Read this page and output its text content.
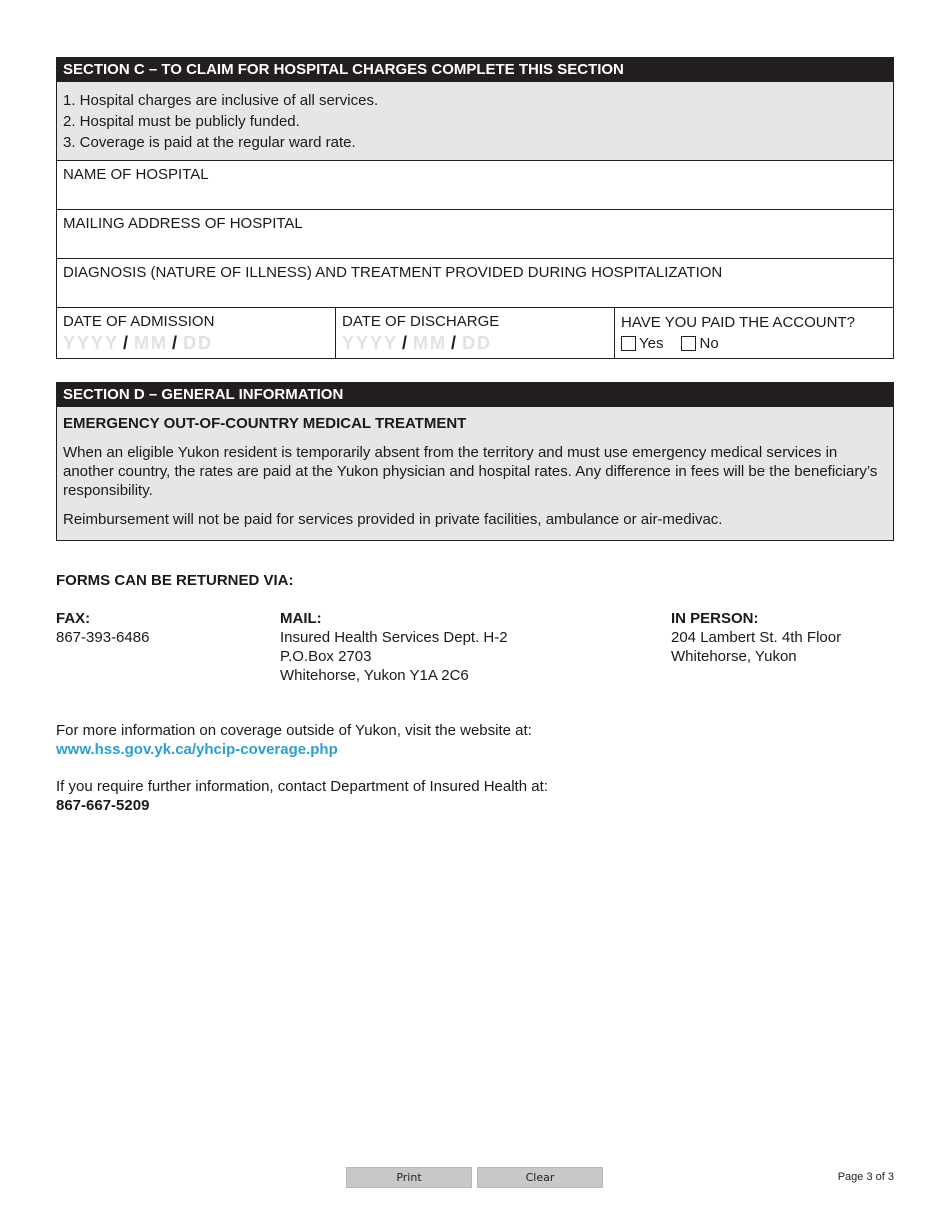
SECTION C – TO CLAIM FOR HOSPITAL CHARGES COMPLETE THIS SECTION
1. Hospital charges are inclusive of all services.
2. Hospital must be publicly funded.
3. Coverage is paid at the regular ward rate.
NAME OF HOSPITAL
MAILING ADDRESS OF HOSPITAL
DIAGNOSIS (NATURE OF ILLNESS) AND TREATMENT PROVIDED DURING HOSPITALIZATION
DATE OF ADMISSION
YYYY / MM / DD
DATE OF DISCHARGE
YYYY / MM / DD
HAVE YOU PAID THE ACCOUNT?
Yes No
SECTION D – GENERAL INFORMATION
EMERGENCY OUT-OF-COUNTRY MEDICAL TREATMENT
When an eligible Yukon resident is temporarily absent from the territory and must use emergency medical services in another country, the rates are paid at the Yukon physician and hospital rates. Any difference in fees will be the beneficiary’s responsibility.
Reimbursement will not be paid for services provided in private facilities, ambulance or air-medivac.
FORMS CAN BE RETURNED VIA:
FAX:
867-393-6486
MAIL:
Insured Health Services Dept. H-2
P.O.Box 2703
Whitehorse, Yukon Y1A 2C6
IN PERSON:
204 Lambert St. 4th Floor
Whitehorse, Yukon
For more information on coverage outside of Yukon, visit the website at:
www.hss.gov.yk.ca/yhcip-coverage.php
If you require further information, contact Department of Insured Health at:
867-667-5209
Print	Clear	Page 3 of 3
